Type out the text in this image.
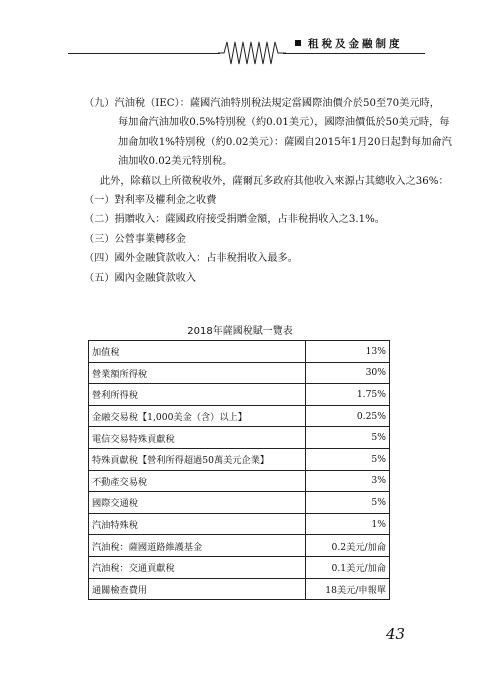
租稅及金融制度
（九）汽油稅（IEC）：薩國汽油特別稅法規定當國際油價介於50至70美元時，
每加侖汽油加收0.5%特別稅（約0.01美元），國際油價低於50美元時，每
加侖加收1%特別稅（約0.02美元）：薩國自2015年1月20日起對每加侖汽
油加收0.02美元特別稅。
此外，除藉以上所徵稅收外，薩爾瓦多政府其他收入來源占其總收入之36%：
（一）對利率及權利金之收費
（二）捐贈收入：薩國政府接受捐贈金額，占非稅捐收入之3.1%。
（三）公營事業轉移金
（四）國外金融貸款收入：占非稅捐收入最多。
（五）國內金融貸款收入
2018年薩國稅賦一覽表
加值稅	13%
營業額所得稅	30%
營利所得稅	1.75%
金融交易稅【1,000美金（含）以上】	0.25%
電信交易特殊貢獻稅	5%
特殊貢獻稅【營利所得超過50萬美元企業】	5%
不動產交易稅	3%
國際交通稅	5%
汽油特殊稅	1%
汽油稅：薩國道路維護基金	0.2美元/加侖
汽油稅：交通貢獻稅	0.1美元/加侖
通關檢查費用	18美元/申報單
43
